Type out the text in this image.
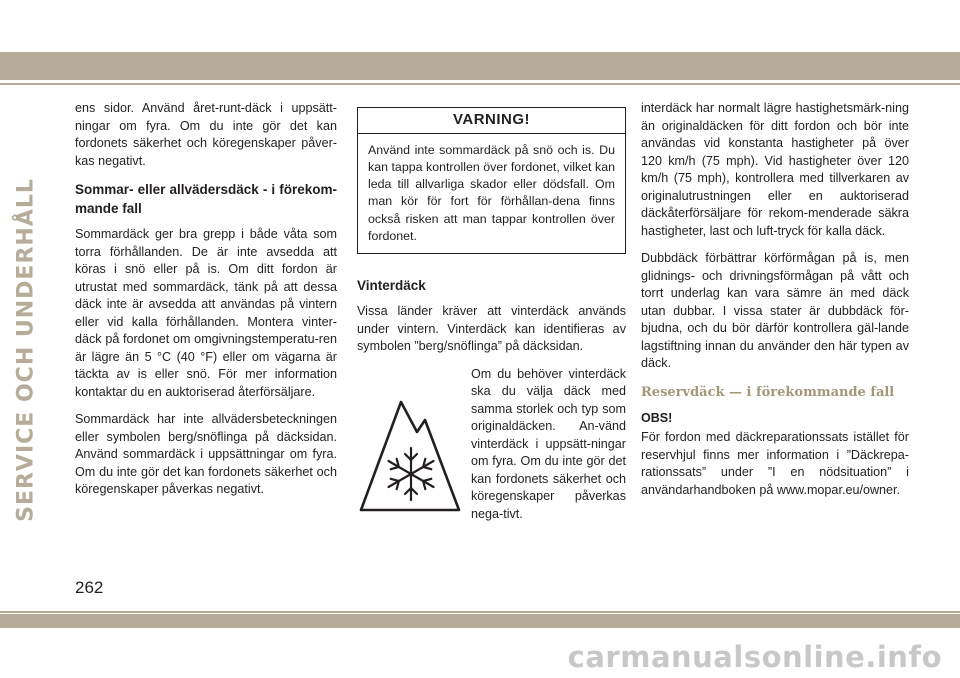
SERVICE OCH UNDERHÅLL

ens sidor. Använd året-runt-däck i uppsätt-ningar om fyra. Om du inte gör det kan fordonets säkerhet och köregenskaper påver-kas negativt.

Sommar- eller allvädersdäck - i förekom-mande fall

Sommardäck ger bra grepp i både våta som torra förhållanden. De är inte avsedda att köras i snö eller på is. Om ditt fordon är utrustat med sommardäck, tänk på att dessa däck inte är avsedda att användas på vintern eller vid kalla förhållanden. Montera vinter-däck på fordonet om omgivningstemperatu-ren är lägre än 5 °C (40 °F) eller om vägarna är täckta av is eller snö. För mer information kontaktar du en auktoriserad återförsäljare.

Sommardäck har inte allvädersbeteckningen eller symbolen berg/snöflinga på däcksidan. Använd sommardäck i uppsättningar om fyra. Om du inte gör det kan fordonets säkerhet och köregenskaper påverkas negativt.

VARNING!
Använd inte sommardäck på snö och is. Du kan tappa kontrollen över fordonet, vilket kan leda till allvarliga skador eller dödsfall. Om man kör för fort för förhållan-dena finns också risken att man tappar kontrollen över fordonet.
Vinterdäck

Vissa länder kräver att vinterdäck används under vintern. Vinterdäck kan identifieras av symbolen ”berg/snöflinga” på däcksidan.

Om du behöver vinterdäck ska du välja däck med samma storlek och typ som originaldäcken. An-vänd vinterdäck i uppsätt-ningar om fyra. Om du inte gör det kan fordonets säkerhet och köregenskaper påverkas nega-tivt.

interdäck har normalt lägre hastighetsmärk-ning än originaldäcken för ditt fordon och bör inte användas vid konstanta hastigheter på över 120 km/h (75 mph). Vid hastigheter över 120 km/h (75 mph), kontrollera med tillverkaren av originalutrustningen eller en auktoriserad däckåterförsäljare för rekom-menderade säkra hastigheter, last och luft-tryck för kalla däck.

Dubbdäck förbättrar körförmågan på is, men glidnings- och drivningsförmågan på vått och torrt underlag kan vara sämre än med däck utan dubbar. I vissa stater är dubbdäck för-bjudna, och du bör därför kontrollera gäl-lande lagstiftning innan du använder den här typen av däck.

Reservdäck — i förekommande fall
OBS!

För fordon med däckreparationssats istället för reservhjul finns mer information i ”Däckrepa-rationssats” under ”I en nödsituation” i användarhandboken på www.mopar.eu/owner.

262
carmanualsonline.info
